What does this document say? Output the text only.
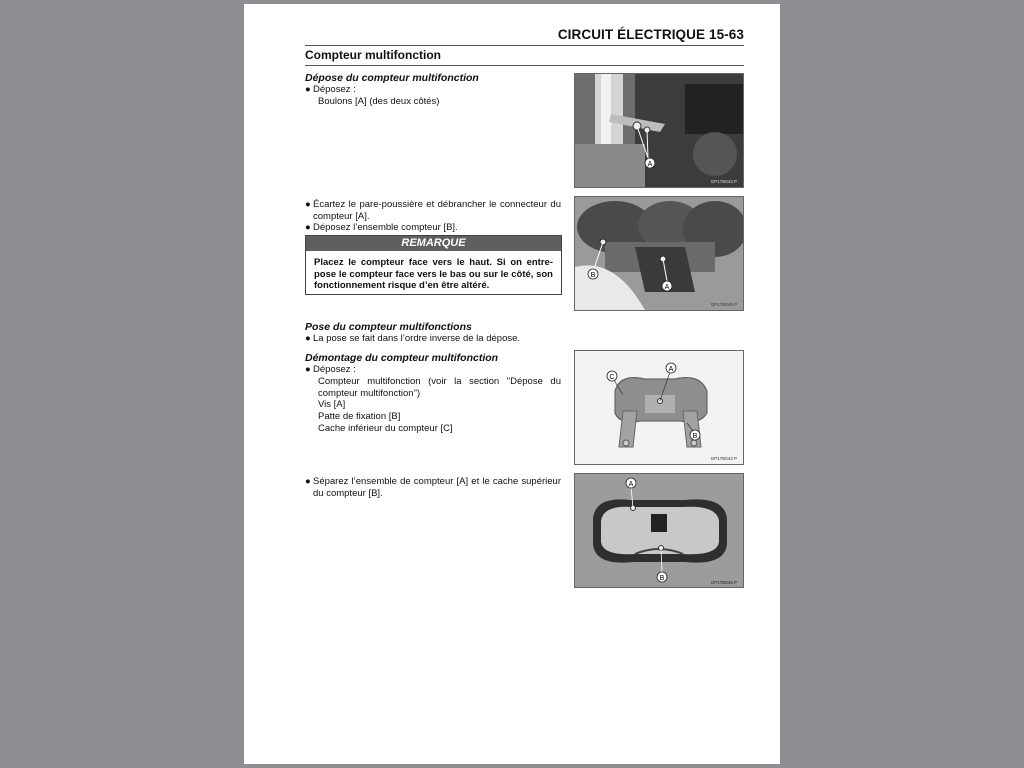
CIRCUIT ÉLECTRIQUE 15-63
Compteur multifonction
Dépose du compteur multifonction
● Déposez :
Boulons [A] (des deux côtés)
A
GP17B043 P
● Écartez le pare-poussière et débrancher le connecteur du compteur [A].
● Déposez l’ensemble compteur [B].
REMARQUE
Placez le compteur face vers le haut. Si on entre-pose le compteur face vers le bas ou sur le côté, son fonctionnement risque d’en être altéré.
B
A
GP17B049 P
Pose du compteur multifonctions
● La pose se fait dans l’ordre inverse de la dépose.
Démontage du compteur multifonction
● Déposez :
Compteur multifonction (voir la section "Dépose du compteur multifonction")
Vis [A]
Patte de fixation [B]
Cache inférieur du compteur [C]
A
C
B
GP17B044 P
● Séparez l’ensemble de compteur [A] et le cache supérieur du compteur [B].
A
B
GP17B045 P
